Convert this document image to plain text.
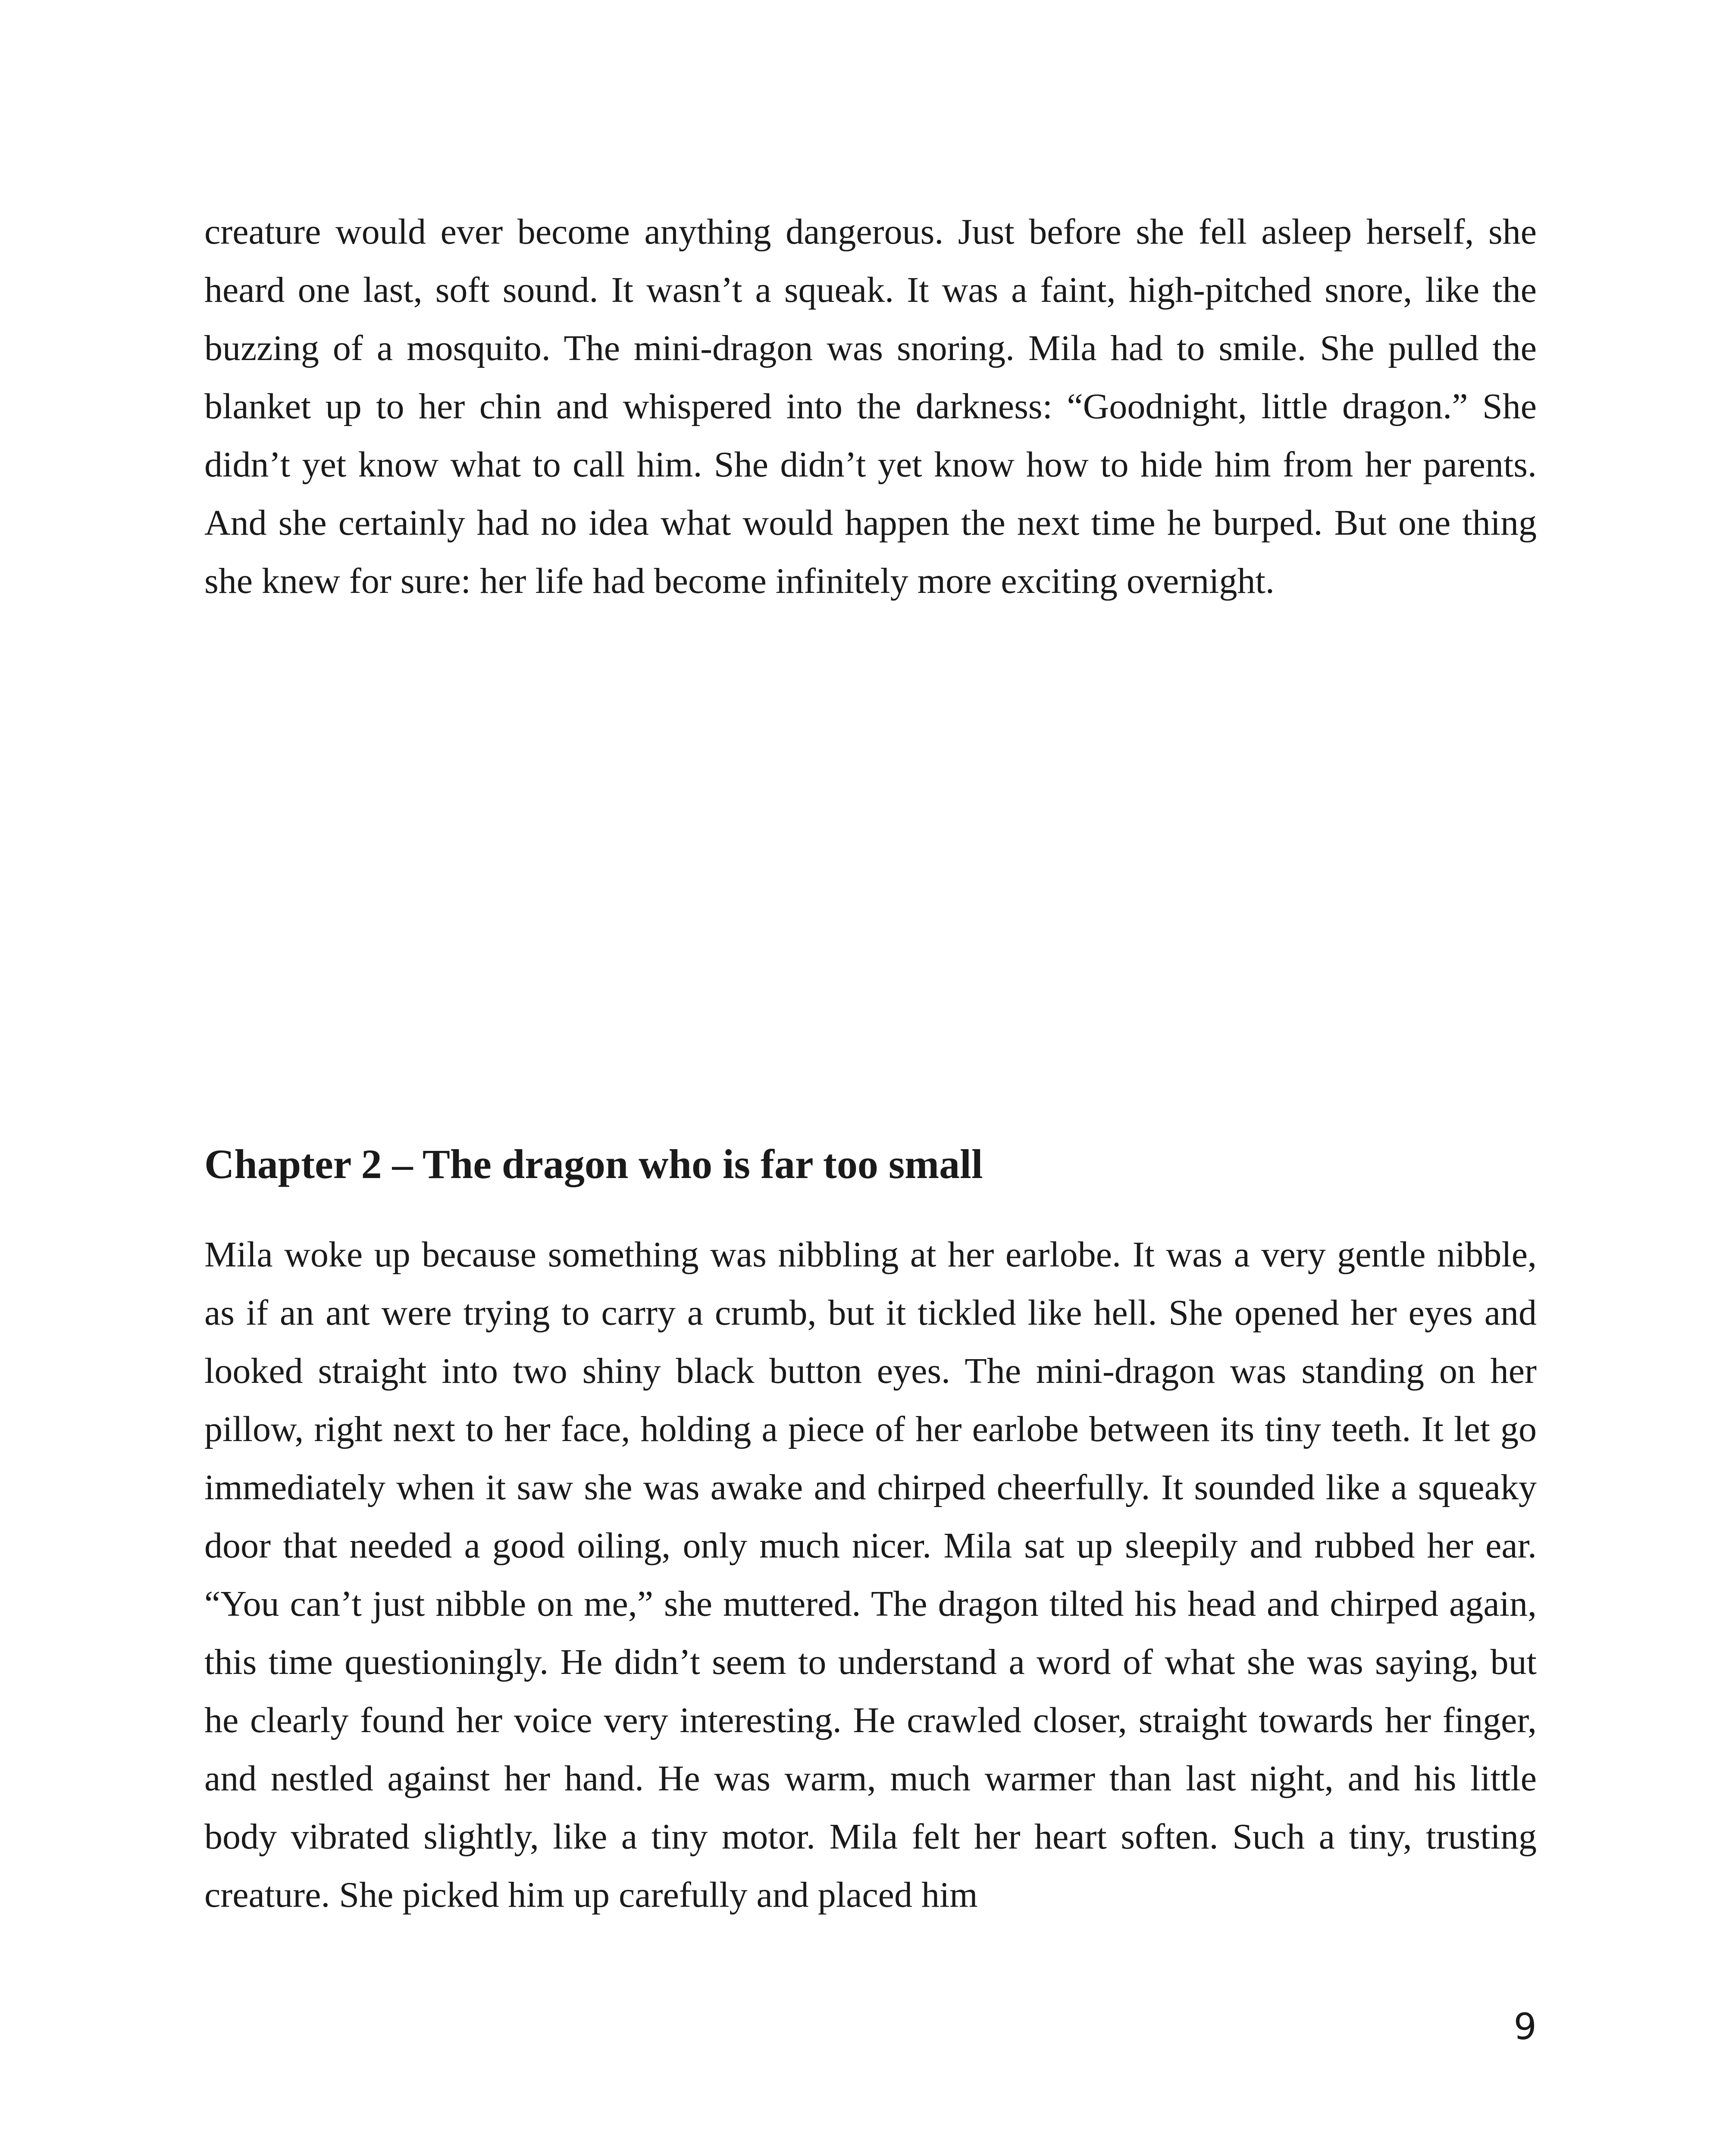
creature would ever become anything dangerous. Just before she fell asleep herself, she heard one last, soft sound. It wasn’t a squeak. It was a faint, high-pitched snore, like the buzzing of a mosquito. The mini-dragon was snoring. Mila had to smile. She pulled the blanket up to her chin and whispered into the darkness: “Goodnight, little dragon.” She didn’t yet know what to call him. She didn’t yet know how to hide him from her parents. And she certainly had no idea what would happen the next time he burped. But one thing she knew for sure: her life had become infinitely more exciting overnight.

Chapter 2 – The dragon who is far too small

Mila woke up because something was nibbling at her earlobe. It was a very gentle nibble, as if an ant were trying to carry a crumb, but it tickled like hell. She opened her eyes and looked straight into two shiny black button eyes. The mini-dragon was standing on her pillow, right next to her face, holding a piece of her earlobe between its tiny teeth. It let go immediately when it saw she was awake and chirped cheerfully. It sounded like a squeaky door that needed a good oiling, only much nicer. Mila sat up sleepily and rubbed her ear. “You can’t just nibble on me,” she muttered. The dragon tilted his head and chirped again, this time questioningly. He didn’t seem to understand a word of what she was saying, but he clearly found her voice very interesting. He crawled closer, straight towards her finger, and nestled against her hand. He was warm, much warmer than last night, and his little body vibrated slightly, like a tiny motor. Mila felt her heart soften. Such a tiny, trusting creature. She picked him up carefully and placed him

9
